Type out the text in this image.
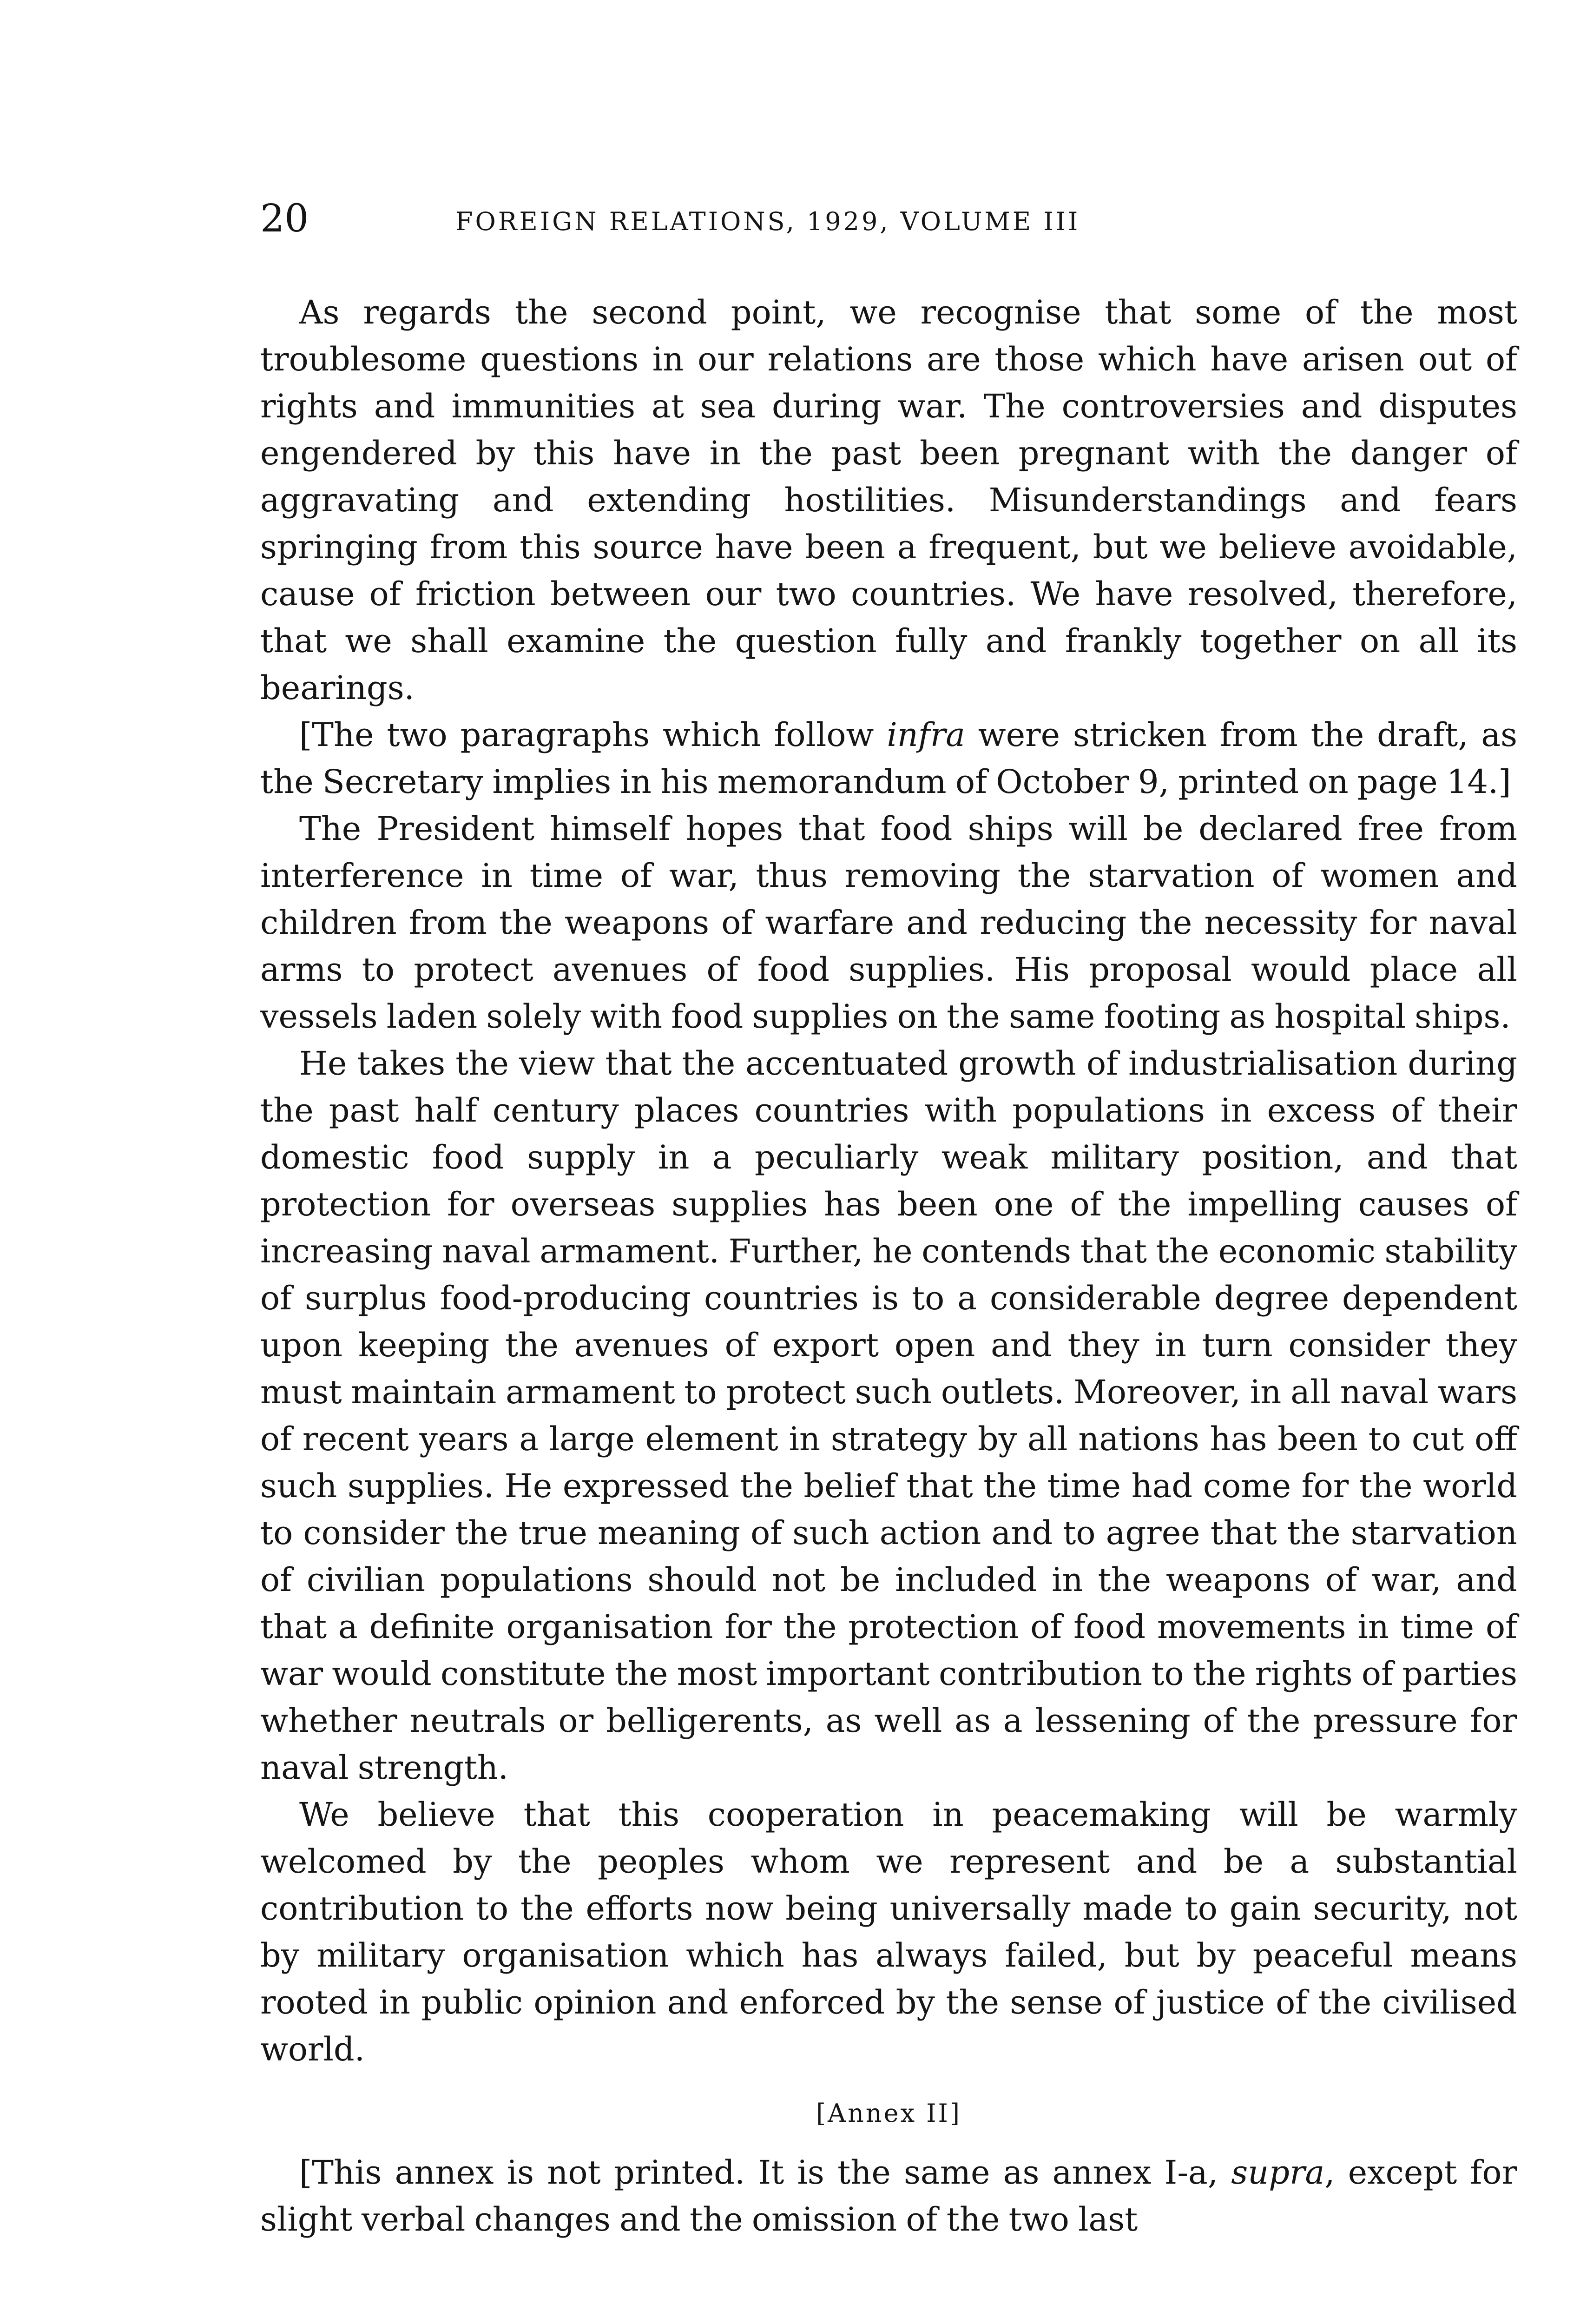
20	FOREIGN RELATIONS, 1929, VOLUME III

As regards the second point, we recognise that some of the most troublesome questions in our relations are those which have arisen out of rights and immunities at sea during war. The controversies and disputes engendered by this have in the past been pregnant with the danger of aggravating and extending hostilities. Misunderstandings and fears springing from this source have been a frequent, but we believe avoidable, cause of friction between our two countries. We have resolved, therefore, that we shall examine the question fully and frankly together on all its bearings.

[The two paragraphs which follow infra were stricken from the draft, as the Secretary implies in his memorandum of October 9, printed on page 14.]

The President himself hopes that food ships will be declared free from interference in time of war, thus removing the starvation of women and children from the weapons of warfare and reducing the necessity for naval arms to protect avenues of food supplies. His proposal would place all vessels laden solely with food supplies on the same footing as hospital ships.

He takes the view that the accentuated growth of industrialisation during the past half century places countries with populations in excess of their domestic food supply in a peculiarly weak military position, and that protection for overseas supplies has been one of the impelling causes of increasing naval armament. Further, he contends that the economic stability of surplus food-producing countries is to a considerable degree dependent upon keeping the avenues of export open and they in turn consider they must maintain armament to protect such outlets. Moreover, in all naval wars of recent years a large element in strategy by all nations has been to cut off such supplies. He expressed the belief that the time had come for the world to consider the true meaning of such action and to agree that the starvation of civilian populations should not be included in the weapons of war, and that a definite organisation for the protection of food movements in time of war would constitute the most important contribution to the rights of parties whether neutrals or belligerents, as well as a lessening of the pressure for naval strength.

We believe that this cooperation in peacemaking will be warmly welcomed by the peoples whom we represent and be a substantial contribution to the efforts now being universally made to gain security, not by military organisation which has always failed, but by peaceful means rooted in public opinion and enforced by the sense of justice of the civilised world.

[Annex II]

[This annex is not printed. It is the same as annex I-a, supra, except for slight verbal changes and the omission of the two last
